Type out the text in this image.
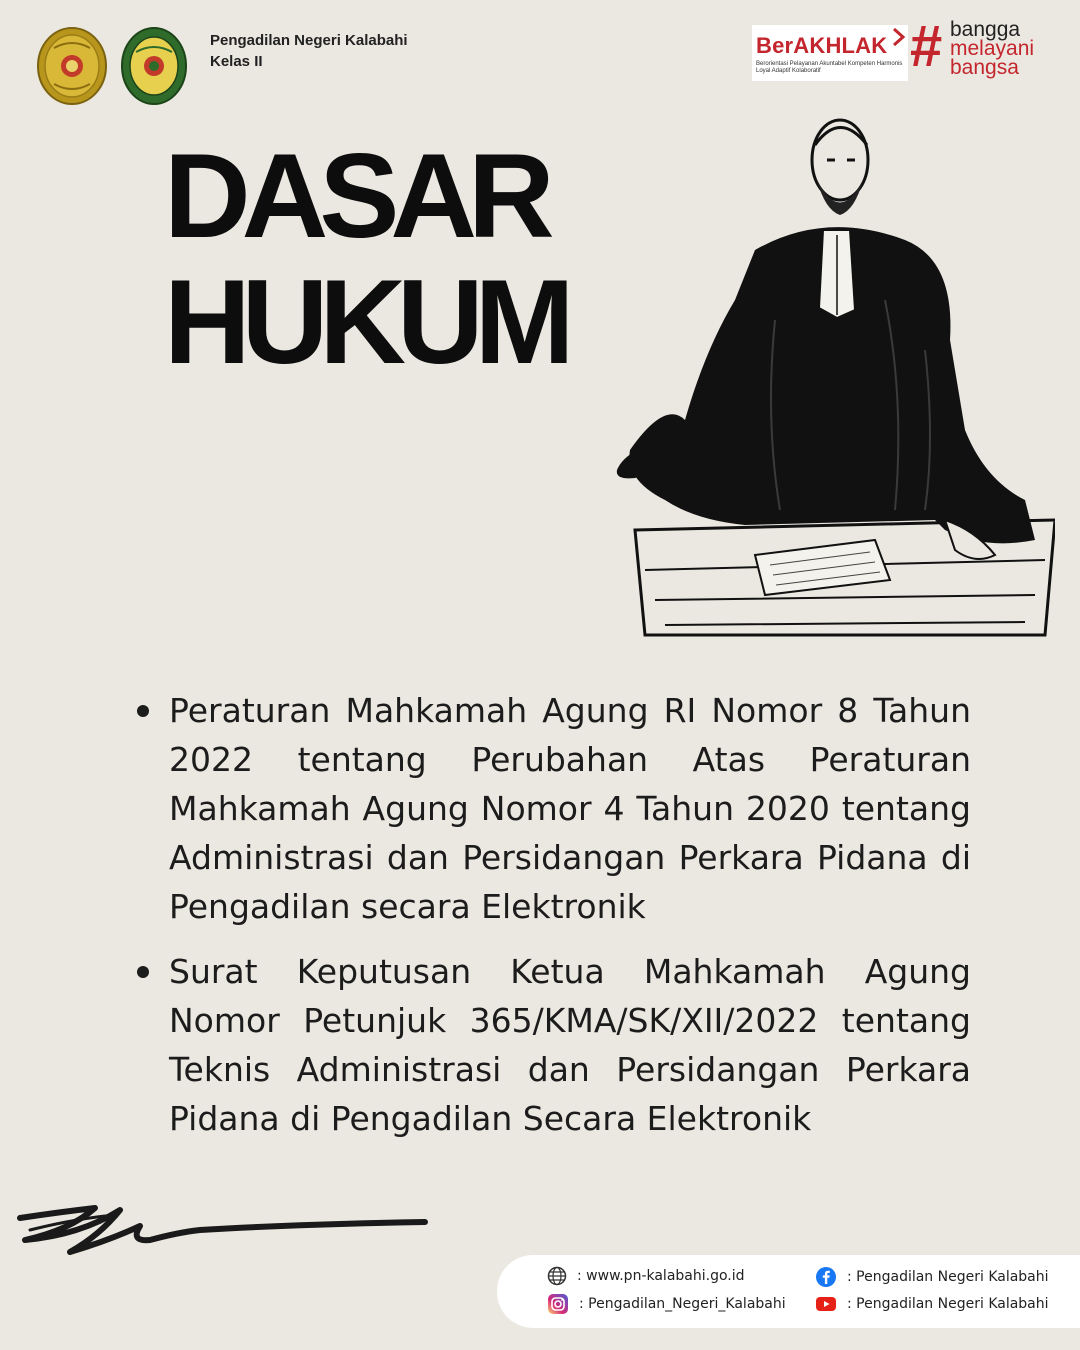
Pengadilan Negeri Kalabahi
Kelas II
BerAKHLAK
Berorientasi Pelayanan Akuntabel Kompeten Harmonis Loyal Adaptif Kolaboratif	# bangga
melayani
bangsa
DASAR
HUKUM
Peraturan Mahkamah Agung RI Nomor 8 Tahun 2022 tentang Perubahan Atas Peraturan Mahkamah Agung Nomor 4 Tahun 2020 tentang Administrasi dan Persidangan Perkara Pidana di Pengadilan secara Elektronik
Surat Keputusan Ketua Mahkamah Agung Nomor Petunjuk 365/KMA/SK/XII/2022 tentang Teknis Administrasi dan Persidangan Perkara Pidana di Pengadilan Secara Elektronik
: www.pn-kalabahi.go.id	: Pengadilan Negeri Kalabahi
: Pengadilan_Negeri_Kalabahi	: Pengadilan Negeri Kalabahi
